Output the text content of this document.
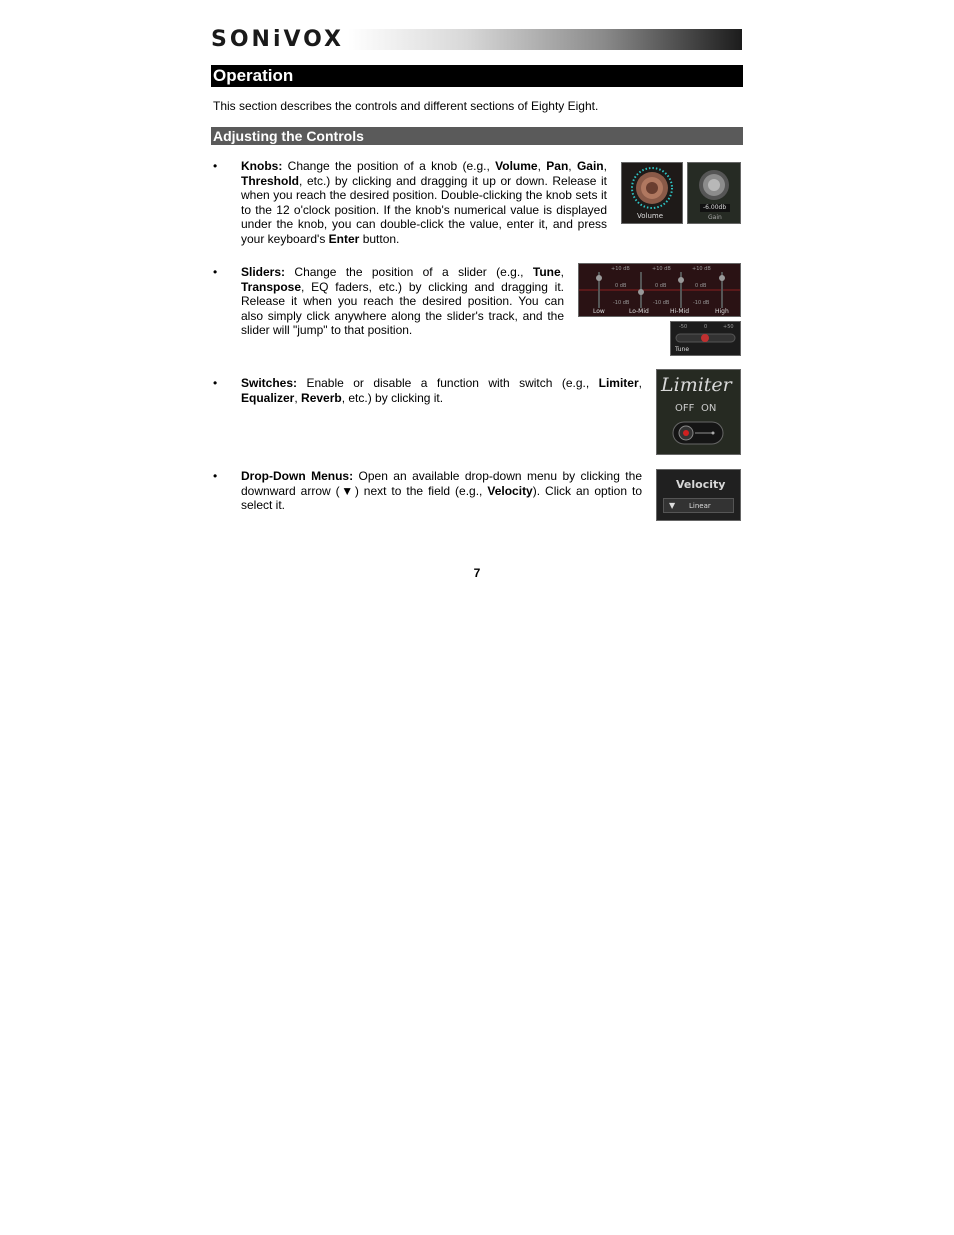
SONiVOX
Operation
This section describes the controls and different sections of Eighty Eight.
Adjusting the Controls
• Knobs: Change the position of a knob (e.g., Volume, Pan, Gain, Threshold, etc.) by clicking and dragging it up or down. Release it when you reach the desired position. Double-clicking the knob sets it to the 12 o'clock position. If the knob's numerical value is displayed under the knob, you can double-click the value, enter it, and press your keyboard's Enter button.
Volume
-6.00db
Gain
• Sliders: Change the position of a slider (e.g., Tune, Transpose, EQ faders, etc.) by clicking and dragging it. Release it when you reach the desired position. You can also simply click anywhere along the slider's track, and the slider will "jump" to that position.
+10 dB	+10 dB	+10 dB
0 dB	0 dB	0 dB
-10 dB	-10 dB	-10 dB
Low	Lo-Mid	Hi-Mid	High
-50	0	+50
Tune
• Switches: Enable or disable a function with switch (e.g., Limiter, Equalizer, Reverb, etc.) by clicking it.
Limiter
OFF ON
• Drop-Down Menus: Open an available drop-down menu by clicking the downward arrow (▼) next to the field (e.g., Velocity). Click an option to select it.
Velocity
▼ Linear
7
